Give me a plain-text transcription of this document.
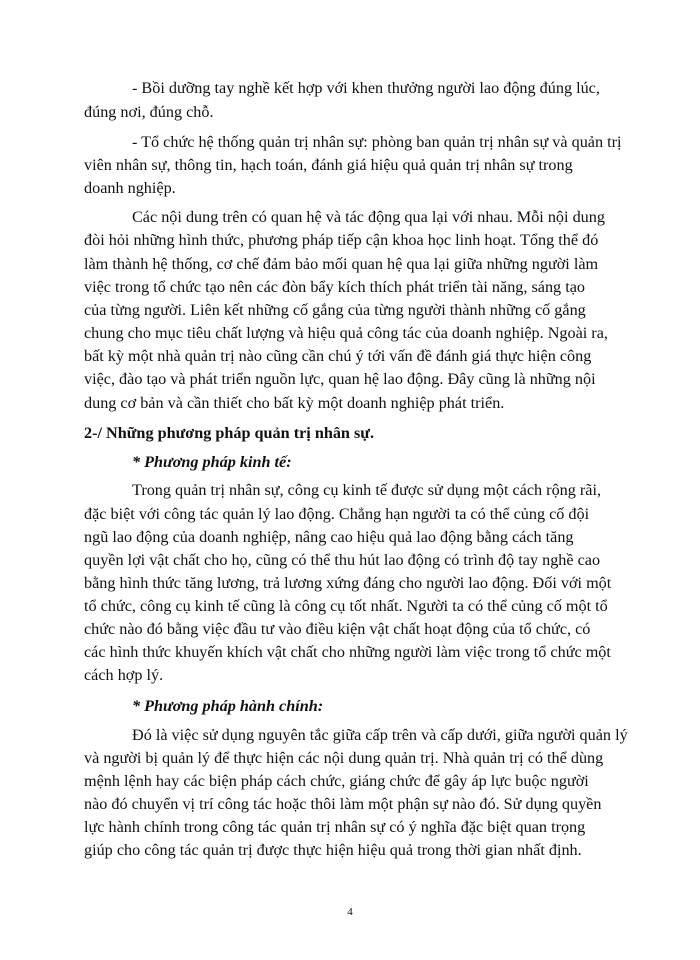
- Bồi dưỡng tay nghề kết hợp với khen thưởng người lao động đúng lúc,
đúng nơi, đúng chỗ.
- Tổ chức hệ thống quản trị nhân sự: phòng ban quản trị nhân sự và quản trị
viên nhân sự, thông tin, hạch toán, đánh giá hiệu quả quản trị nhân sự trong
doanh nghiệp.
Các nội dung trên có quan hệ và tác động qua lại với nhau. Mỗi nội dung
đòi hỏi những hình thức, phương pháp tiếp cận khoa học linh hoạt. Tổng thể đó
làm thành hệ thống, cơ chế đảm bảo mối quan hệ qua lại giữa những người làm
việc trong tổ chức tạo nên các đòn bẩy kích thích phát triển tài năng, sáng tạo
của từng người. Liên kết những cố gắng của từng người thành những cố gắng
chung cho mục tiêu chất lượng và hiệu quả công tác của doanh nghiệp. Ngoài ra,
bất kỳ một nhà quản trị nào cũng cần chú ý tới vấn đề đánh giá thực hiện công
việc, đào tạo và phát triển nguồn lực, quan hệ lao động. Đây cũng là những nội
dung cơ bản và cần thiết cho bất kỳ một doanh nghiệp phát triển.
2-/ Những phương pháp quản trị nhân sự.
* Phương pháp kinh tế:
Trong quản trị nhân sự, công cụ kinh tế được sử dụng một cách rộng rãi,
đặc biệt với công tác quản lý lao động. Chẳng hạn người ta có thể củng cố đội
ngũ lao động của doanh nghiệp, nâng cao hiệu quả lao động bằng cách tăng
quyền lợi vật chất cho họ, cũng có thể thu hút lao động có trình độ tay nghề cao
bằng hình thức tăng lương, trả lương xứng đáng cho người lao động. Đối với một
tổ chức, công cụ kinh tế cũng là công cụ tốt nhất. Người ta có thể củng cố một tổ
chức nào đó bằng việc đầu tư vào điều kiện vật chất hoạt động của tổ chức, có
các hình thức khuyến khích vật chất cho những người làm việc trong tổ chức một
cách hợp lý.
* Phương pháp hành chính:
Đó là việc sử dụng nguyên tắc giữa cấp trên và cấp dưới, giữa người quản lý
và người bị quản lý để thực hiện các nội dung quản trị. Nhà quản trị có thể dùng
mệnh lệnh hay các biện pháp cách chức, giáng chức để gây áp lực buộc người
nào đó chuyển vị trí công tác hoặc thôi làm một phận sự nào đó. Sử dụng quyền
lực hành chính trong công tác quản trị nhân sự có ý nghĩa đặc biệt quan trọng
giúp cho công tác quản trị được thực hiện hiệu quả trong thời gian nhất định.
4
